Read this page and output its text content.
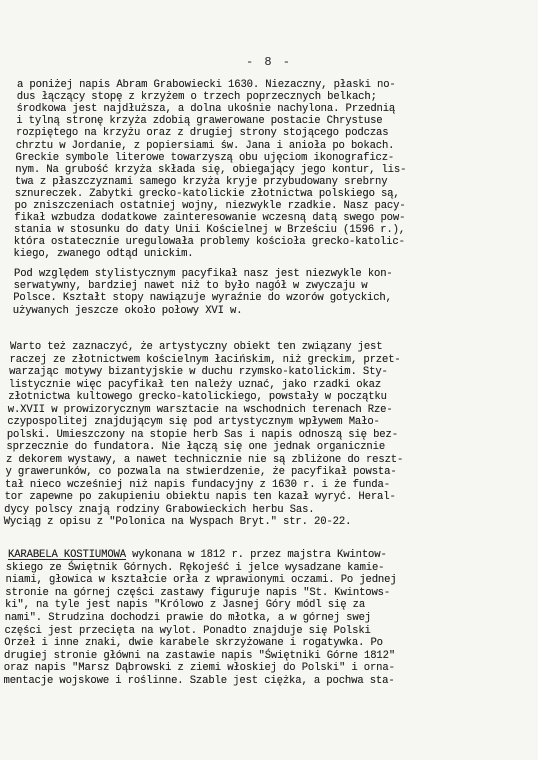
- 8 -
a poniżej napis Abram Grabowiecki 1630. Niezaczny, płaski no-
dus łączący stopę z krzyżem o trzech poprzecznych belkach;
środkowa jest najdłuższa, a dolna ukośnie nachylona. Przednią
i tylną stronę krzyża zdobią grawerowane postacie Chrystuse
rozpiętego na krzyżu oraz z drugiej strony stojącego podczas
chrztu w Jordanie, z popiersiami św. Jana i anioła po bokach.
Greckie symbole literowe towarzyszą obu ujęciom ikonograficz-
nym. Na grubość krzyża składa się, obiegający jego kontur, lis-
twa z płaszczyznami samego krzyża kryje przybudowany srebrny
sznureczek. Zabytki grecko-katolickie złotnictwa polskiego są,
po zniszczeniach ostatniej wojny, niezwykle rzadkie. Nasz pacy-
fikał wzbudza dodatkowe zainteresowanie wczesną datą swego pow-
stania w stosunku do daty Unii Kościelnej w Brześciu (1596 r.),
która ostatecznie uregulowała problemy kościoła grecko-katolic-
kiego, zwanego odtąd unickim.
Pod względem stylistycznym pacyfikał nasz jest niezwykle kon-
serwatywny, bardziej nawet niż to było nagół w zwyczaju w
Polsce. Kształt stopy nawiązuje wyraźnie do wzorów gotyckich,
używanych jeszcze około połowy XVI w.
Warto też zaznaczyć, że artystyczny obiekt ten związany jest
raczej ze złotnictwem kościelnym łacińskim, niż greckim, przet-
warzając motywy bizantyjskie w duchu rzymsko-katolickim. Sty-
listycznie więc pacyfikał ten należy uznać, jako rzadki okaz
złotnictwa kultowego grecko-katolickiego, powstały w początku
w.XVII w prowizorycznym warsztacie na wschodnich terenach Rze-
czypospolitej znajdującym się pod artystycznym wpływem Mało-
polski. Umieszczony na stopie herb Sas i napis odnoszą się bez-
sprzecznie do fundatora. Nie łączą się one jednak organicznie
z dekorem wystawy, a nawet technicznie nie są zbliżone do reszt-
y grawerunków, co pozwala na stwierdzenie, że pacyfikał powsta-
tał nieco wcześniej niż napis fundacyjny z 1630 r. i że funda-
tor zapewne po zakupieniu obiektu napis ten kazał wyryć. Heral-
dycy polscy znają rodziny Grabowieckich herbu Sas.
Wyciąg z opisu z "Polonica na Wyspach Bryt." str. 20-22.
KARABELA KOSTIUMOWA wykonana w 1812 r. przez majstra Kwintow-
skiego ze Świętnik Górnych. Rękojeść i jelce wysadzane kamie-
niami, głowica w kształcie orła z wprawionymi oczami. Po jednej
stronie na górnej części zastawy figuruje napis "St. Kwintows-
ki", na tyle jest napis "Królowo z Jasnej Góry módl się za
nami". Strudzina dochodzi prawie do młotka, a w górnej swej
części jest przecięta na wylot. Ponadto znajduje się Polski
Orzeł i inne znaki, dwie karabele skrzyżowane i rogatywka. Po
drugiej stronie główni na zastawie napis "Świętniki Górne 1812"
oraz napis "Marsz Dąbrowski z ziemi włoskiej do Polski" i orna-
mentacje wojskowe i roślinne. Szable jest ciężka, a pochwa sta-
